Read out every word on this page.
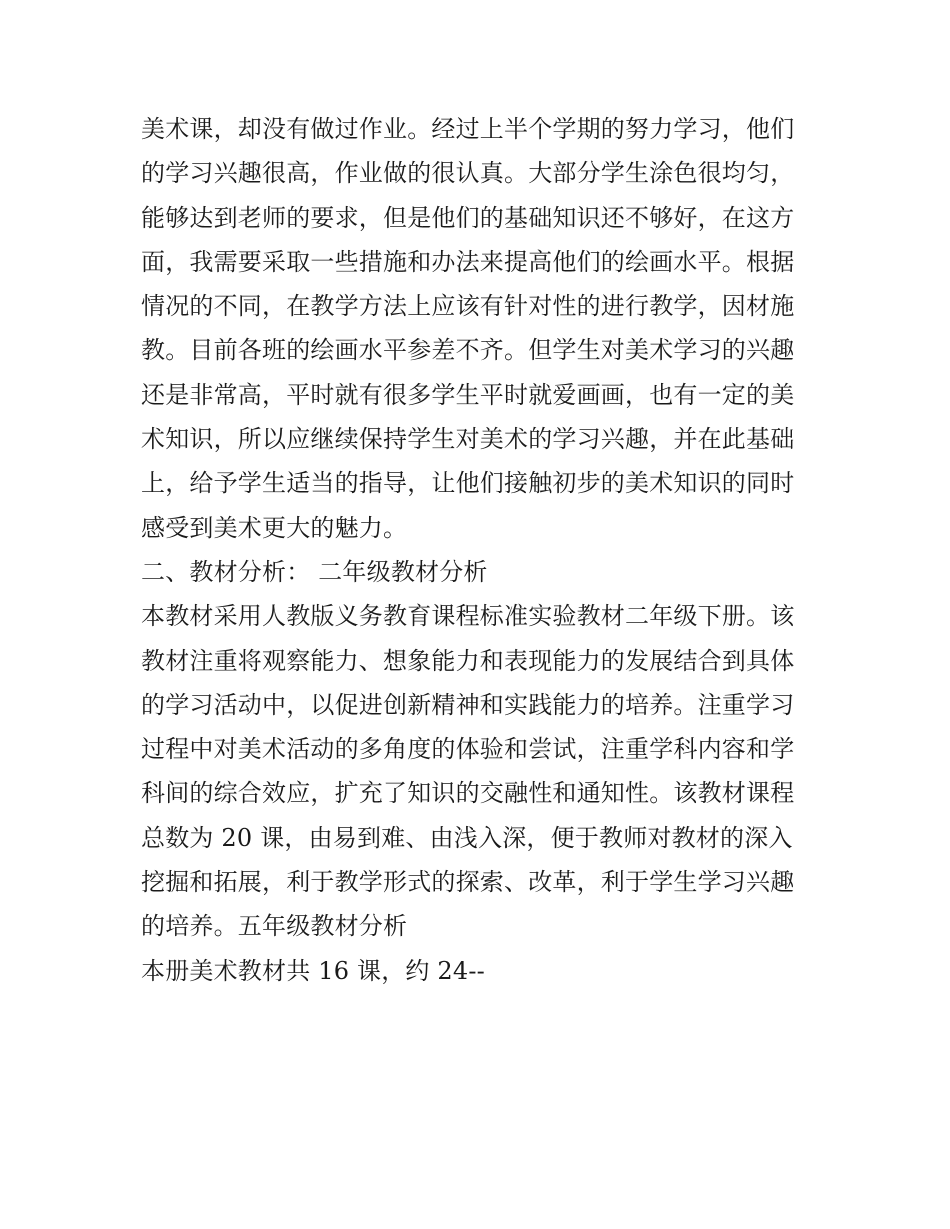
美术课，却没有做过作业。经过上半个学期的努力学习，他们
的学习兴趣很高，作业做的很认真。大部分学生涂色很均匀，
能够达到老师的要求，但是他们的基础知识还不够好，在这方
面，我需要采取一些措施和办法来提高他们的绘画水平。根据
情况的不同，在教学方法上应该有针对性的进行教学，因材施
教。目前各班的绘画水平参差不齐。但学生对美术学习的兴趣
还是非常高，平时就有很多学生平时就爱画画，也有一定的美
术知识，所以应继续保持学生对美术的学习兴趣，并在此基础
上，给予学生适当的指导，让他们接触初步的美术知识的同时
感受到美术更大的魅力。
二、教材分析： 二年级教材分析
本教材采用人教版义务教育课程标准实验教材二年级下册。该
教材注重将观察能力、想象能力和表现能力的发展结合到具体
的学习活动中，以促进创新精神和实践能力的培养。注重学习
过程中对美术活动的多角度的体验和尝试，注重学科内容和学
科间的综合效应，扩充了知识的交融性和通知性。该教材课程
总数为 20 课，由易到难、由浅入深，便于教师对教材的深入
挖掘和拓展，利于教学形式的探索、改革，利于学生学习兴趣
的培养。五年级教材分析
本册美术教材共 16 课，约 24--
